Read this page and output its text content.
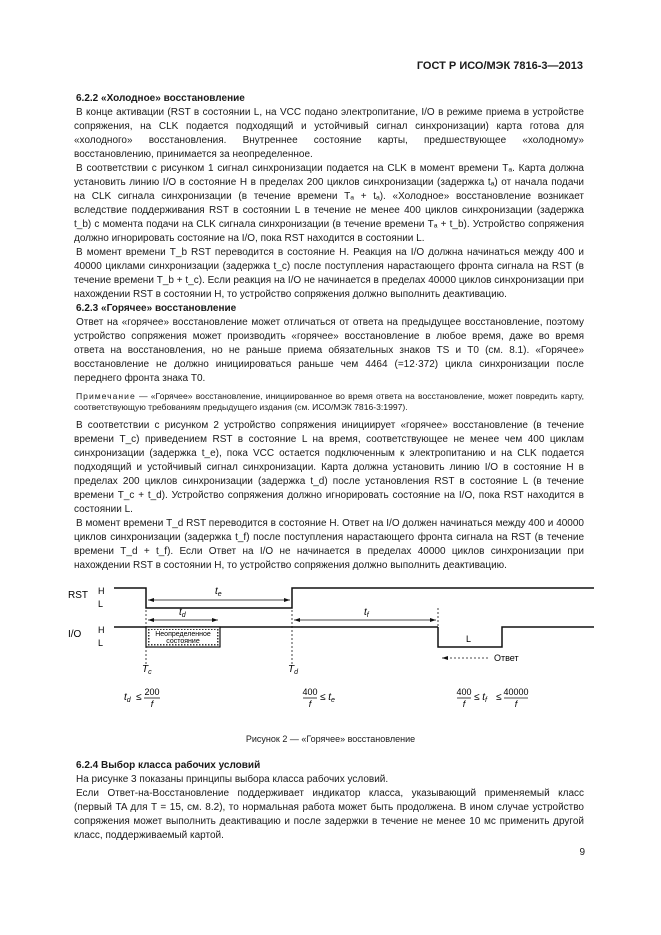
ГОСТ Р ИСО/МЭК 7816-3—2013
6.2.2 «Холодное» восстановление

В конце активации (RST в состоянии L, на VCC подано электропитание, I/O в режиме приема в устройстве сопряжения, на CLK подается подходящий и устойчивый сигнал синхронизации) карта готова для «холодного» восстановления. Внутреннее состояние карты, предшествующее «холодному» восстановлению, принимается за неопределенное.

В соответствии с рисунком 1 сигнал синхронизации подается на CLK в момент времени Tₐ. Карта должна установить линию I/O в состояние Н в пределах 200 циклов синхронизации (задержка tₐ) от начала подачи на CLK сигнала синхронизации (в течение времени Tₐ + tₐ). «Холодное» восстановление возникает вследствие поддерживания RST в состоянии L в течение не менее 400 циклов синхронизации (задержка t_b) с момента подачи на CLK сигнала синхронизации (в течение времени Tₐ + t_b). Устройство сопряжения должно игнорировать состояние на I/O, пока RST находится в состоянии L.

В момент времени T_b RST переводится в состояние Н. Реакция на I/O должна начинаться между 400 и 40000 циклами синхронизации (задержка t_c) после поступления нарастающего фронта сигнала на RST (в течение времени T_b + t_c). Если реакция на I/O не начинается в пределах 40000 циклов синхронизации при нахождении RST в состоянии Н, то устройство сопряжения должно выполнить деактивацию.

6.2.3 «Горячее» восстановление

Ответ на «горячее» восстановление может отличаться от ответа на предыдущее восстановление, поэтому устройство сопряжения может производить «горячее» восстановление в любое время, даже во время ответа на восстановления, но не раньше приема обязательных знаков TS и T0 (см. 8.1). «Горячее» восстановление не должно инициироваться раньше чем 4464 (=12·372) цикла синхронизации после переднего фронта знака T0.

Примечание — «Горячее» восстановление, инициированное во время ответа на восстановление, может повредить карту, соответствующую требованиям предыдущего издания (см. ИСО/МЭК 7816-3:1997).

В соответствии с рисунком 2 устройство сопряжения инициирует «горячее» восстановление (в течение времени T_c) приведением RST в состояние L на время, соответствующее не менее чем 400 циклам синхронизации (задержка t_e), пока VCC остается подключенным к электропитанию и на CLK подается подходящий и устойчивый сигнал синхронизации. Карта должна установить линию I/O в состояние Н в пределах 200 циклов синхронизации (задержка t_d) после установления RST в состояние L (в течение времени T_c + t_d). Устройство сопряжения должно игнорировать состояние на I/O, пока RST находится в состоянии L.

В момент времени T_d RST переводится в состояние Н. Ответ на I/O должен начинаться между 400 и 40000 циклов синхронизации (задержка t_f) после поступления нарастающего фронта сигнала на RST (в течение времени T_d + t_f). Если Ответ на I/O не начинается в пределах 40000 циклов синхронизации при нахождении RST в состоянии Н, то устройство сопряжения должно выполнить деактивацию.

RST H
L
$t_e$
I/O H
L
Неопределенное
состояние
$t_d$	$t_f$
$T_c$	$T_d$
L
Ответ
$t_d \le 200$
f
400
f
≤ $t_e$
400
f
≤ $t_f \le 40000$
f
Рисунок 2 — «Горячее» восстановление
6.2.4 Выбор класса рабочих условий

На рисунке 3 показаны принципы выбора класса рабочих условий.

Если Ответ-на-Восстановление поддерживает индикатор класса, указывающий применяемый класс (первый TA для T = 15, см. 8.2), то нормальная работа может быть продолжена. В ином случае устройство сопряжения может выполнить деактивацию и после задержки в течение не менее 10 мс применить другой класс, поддерживаемый картой.

9
